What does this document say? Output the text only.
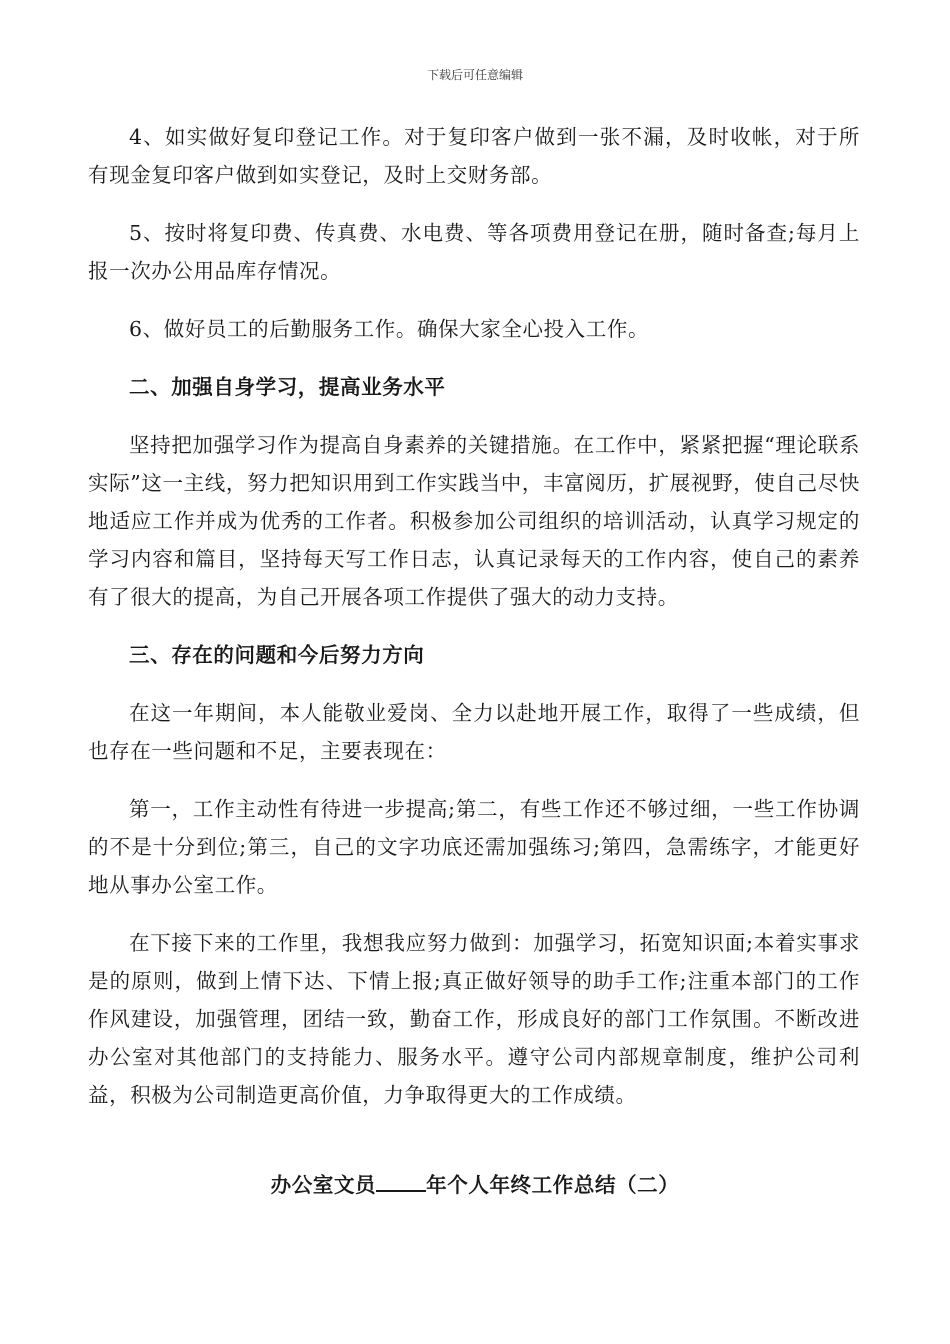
下载后可任意编辑

4、如实做好复印登记工作。对于复印客户做到一张不漏，及时收帐，对于所有现金复印客户做到如实登记，及时上交财务部。

5、按时将复印费、传真费、水电费、等各项费用登记在册，随时备查;每月上报一次办公用品库存情况。

6、做好员工的后勤服务工作。确保大家全心投入工作。

二、加强自身学习，提高业务水平

坚持把加强学习作为提高自身素养的关键措施。在工作中，紧紧把握“理论联系实际”这一主线，努力把知识用到工作实践当中，丰富阅历，扩展视野，使自己尽快地适应工作并成为优秀的工作者。积极参加公司组织的培训活动，认真学习规定的学习内容和篇目，坚持每天写工作日志，认真记录每天的工作内容，使自己的素养有了很大的提高，为自己开展各项工作提供了强大的动力支持。

三、存在的问题和今后努力方向

在这一年期间，本人能敬业爱岗、全力以赴地开展工作，取得了一些成绩，但也存在一些问题和不足，主要表现在：

第一，工作主动性有待进一步提高;第二，有些工作还不够过细，一些工作协调的不是十分到位;第三，自己的文字功底还需加强练习;第四，急需练字，才能更好地从事办公室工作。

在下接下来的工作里，我想我应努力做到：加强学习，拓宽知识面;本着实事求是的原则，做到上情下达、下情上报;真正做好领导的助手工作;注重本部门的工作作风建设，加强管理，团结一致，勤奋工作，形成良好的部门工作氛围。不断改进办公室对其他部门的支持能力、服务水平。遵守公司内部规章制度，维护公司利益，积极为公司制造更高价值，力争取得更大的工作成绩。

办公室文员 年个人年终工作总结（二）
